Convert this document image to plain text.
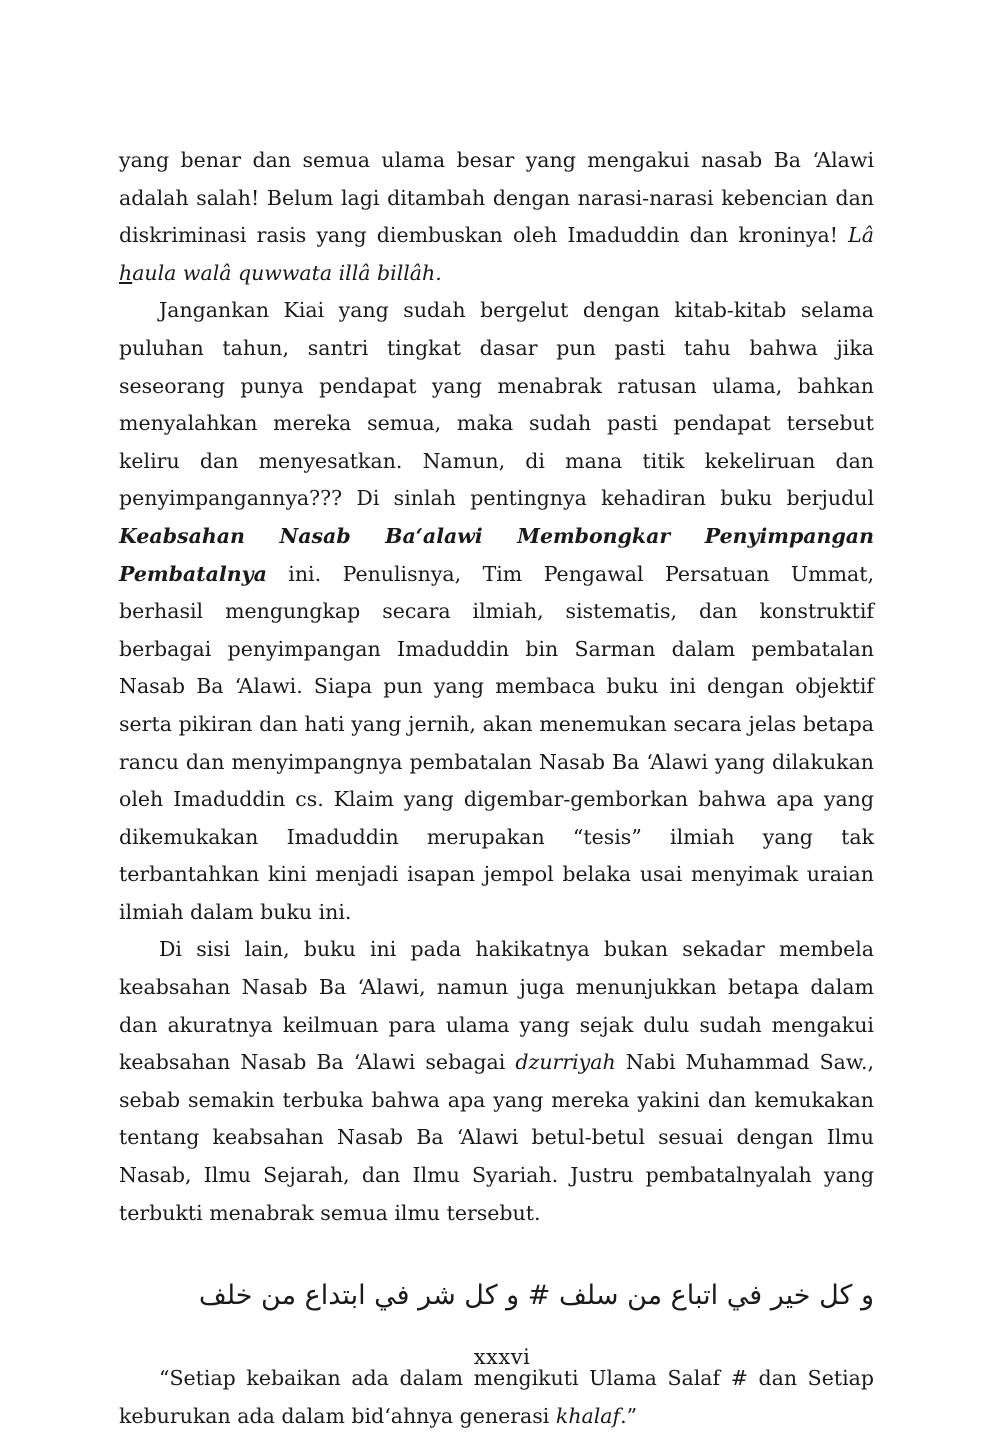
yang benar dan semua ulama besar yang mengakui nasab Ba ‘Alawi adalah salah! Belum lagi ditambah dengan narasi-narasi kebencian dan diskriminasi rasis yang diembuskan oleh Imaduddin dan kroninya! Lâ haula walâ quwwata illâ billâh.

Jangankan Kiai yang sudah bergelut dengan kitab-kitab selama puluhan tahun, santri tingkat dasar pun pasti tahu bahwa jika seseorang punya pendapat yang menabrak ratusan ulama, bahkan menyalahkan mereka semua, maka sudah pasti pendapat tersebut keliru dan menyesatkan. Namun, di mana titik kekeliruan dan penyimpangannya??? Di sinlah pentingnya kehadiran buku berjudul Keabsahan Nasab Ba‘alawi Membongkar Penyimpangan Pembatalnya ini. Penulisnya, Tim Pengawal Persatuan Ummat, berhasil mengungkap secara ilmiah, sistematis, dan konstruktif berbagai penyimpangan Imaduddin bin Sarman dalam pembatalan Nasab Ba ‘Alawi. Siapa pun yang membaca buku ini dengan objektif serta pikiran dan hati yang jernih, akan menemukan secara jelas betapa rancu dan menyimpangnya pembatalan Nasab Ba ‘Alawi yang dilakukan oleh Imaduddin cs. Klaim yang digembar-gemborkan bahwa apa yang dikemukakan Imaduddin merupakan “tesis” ilmiah yang tak terbantahkan kini menjadi isapan jempol belaka usai menyimak uraian ilmiah dalam buku ini.

Di sisi lain, buku ini pada hakikatnya bukan sekadar membela keabsahan Nasab Ba ‘Alawi, namun juga menunjukkan betapa dalam dan akuratnya keilmuan para ulama yang sejak dulu sudah mengakui keabsahan Nasab Ba ‘Alawi sebagai dzurriyah Nabi Muhammad Saw., sebab semakin terbuka bahwa apa yang mereka yakini dan kemukakan tentang keabsahan Nasab Ba ‘Alawi betul-betul sesuai dengan Ilmu Nasab, Ilmu Sejarah, dan Ilmu Syariah. Justru pembatalnyalah yang terbukti menabrak semua ilmu tersebut.

و كل خير في اتباع من سلف # و كل شر في ابتداع من خلف

“Setiap kebaikan ada dalam mengikuti Ulama Salaf # dan Setiap keburukan ada dalam bid‘ahnya generasi khalaf.”

xxxvi
